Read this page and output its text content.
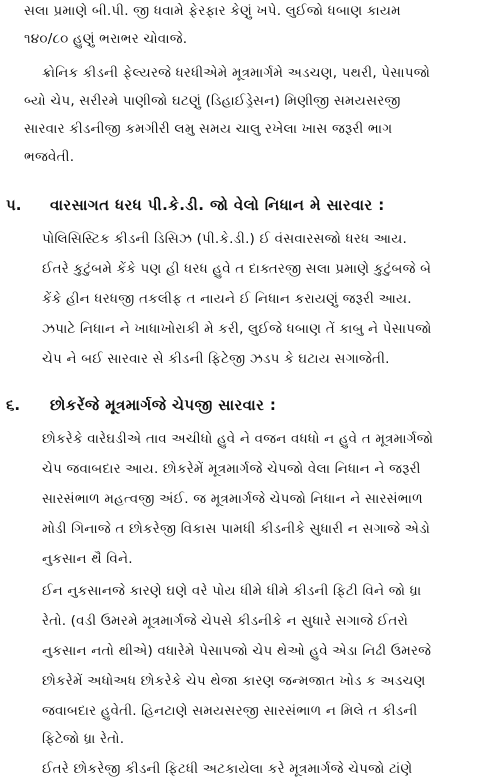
સલા પ્રમાણે બી.પી. જી ધવામે ફેરફાર કેણું ખપે. લુઈજો ધબાણ કાયમ
૧૪૦/૮૦ હુણું ભરાભર ચોવાજે.
ક્રોનિક કીડની ફેલ્યરજે ધરધીએમે મૂત્રમાર્ગમે અડચણ, પથરી, પેસાપજો
બ્યો ચેપ, સરીરમે પાણીજો ઘટણું (ડિહાઈડ્રેસન) મિણીજી સમયસરજી
સારવાર કીડનીજી કમગીરી લમુ સમય ચાલુ રખેલા ખાસ જરૂરી ભાગ
ભજવેતી.
પ. વારસાગત ધરધ પી.કે.ડી. જો વેલો નિધાન મે સારવાર :
પોલિસિસ્ટિક કીડની ડિસિઝ (પી.કે.ડી.) ઈ વંસવારસજો ધરધ આય.
ઈતરે કુટુંબમે કેંકે પણ હી ધરધ હુવે ત દાક્તરજી સલા પ્રમાણે કુટુંબજે બે
કેંકે હીન ધરધજી તકલીફ ત નાયને ઈ નિધાન કરાયણું જરૂરી આય.
ઝપાટે નિધાન ને ખાધાખોરાકી મે કરી, લુઈજે ધબાણ તેં કાબુ ને પેસાપજો
ચેપ ને બઈ સારવાર સે કીડની ફિટેજી ઝડપ કે ઘટાય સગાજેતી.
૬. છોકરેંજે મૂત્રમાર્ગજે ચેપજી સારવાર :
છોકરેકે વારેઘડીએ તાવ અચીધો હુવે ને વજન વધધો ન હુવે ત મૂત્રમાર્ગજો
ચેપ જવાબદાર આય. છોકરેમેં મૂત્રમાર્ગજે ચેપજો વેલા નિધાન ને જરૂરી
સારસંભાળ મહત્વજી અંઈ. જ મૂત્રમાર્ગજે ચેપજો નિધાન ને સારસંભાળ
મોડી ગિનાજે ત છોકરેજી વિકાસ પામધી કીડનીકે સુધારી ન સગાજે એડો
નુકસાન થૈ વિને.
ઈન નુકસાનજે કારણે ઘણે વરે પોય ધીમે ધીમે કીડની ફિટી વિને જો ધ્રા
રેતો. (વડી ઉમરમે મૂત્રમાર્ગજે ચેપસે કીડનીકે ન સુધારે સગાજે ઈતરો
નુકસાન નતો થીએ) વધારેમે પેસાપજો ચેપ થેઓ હુવે એડા નિઢી ઉમરજે
છોકરેમેં અધોઅધ છોકરેકે ચેપ થેજા કારણ જન્મજાત ખોડ ક અડચણ
જવાબદાર હુવેતી. હિનટાણે સમયસરજી સારસંભાળ ન મિલે ત કીડની
ફિટેજો ધ્રા રેતો.
ઈતરે છોકરેજી કીડની ફિટધી અટકાયેલા કરે મૂત્રમાર્ગજે ચેપજો ટાંણે
